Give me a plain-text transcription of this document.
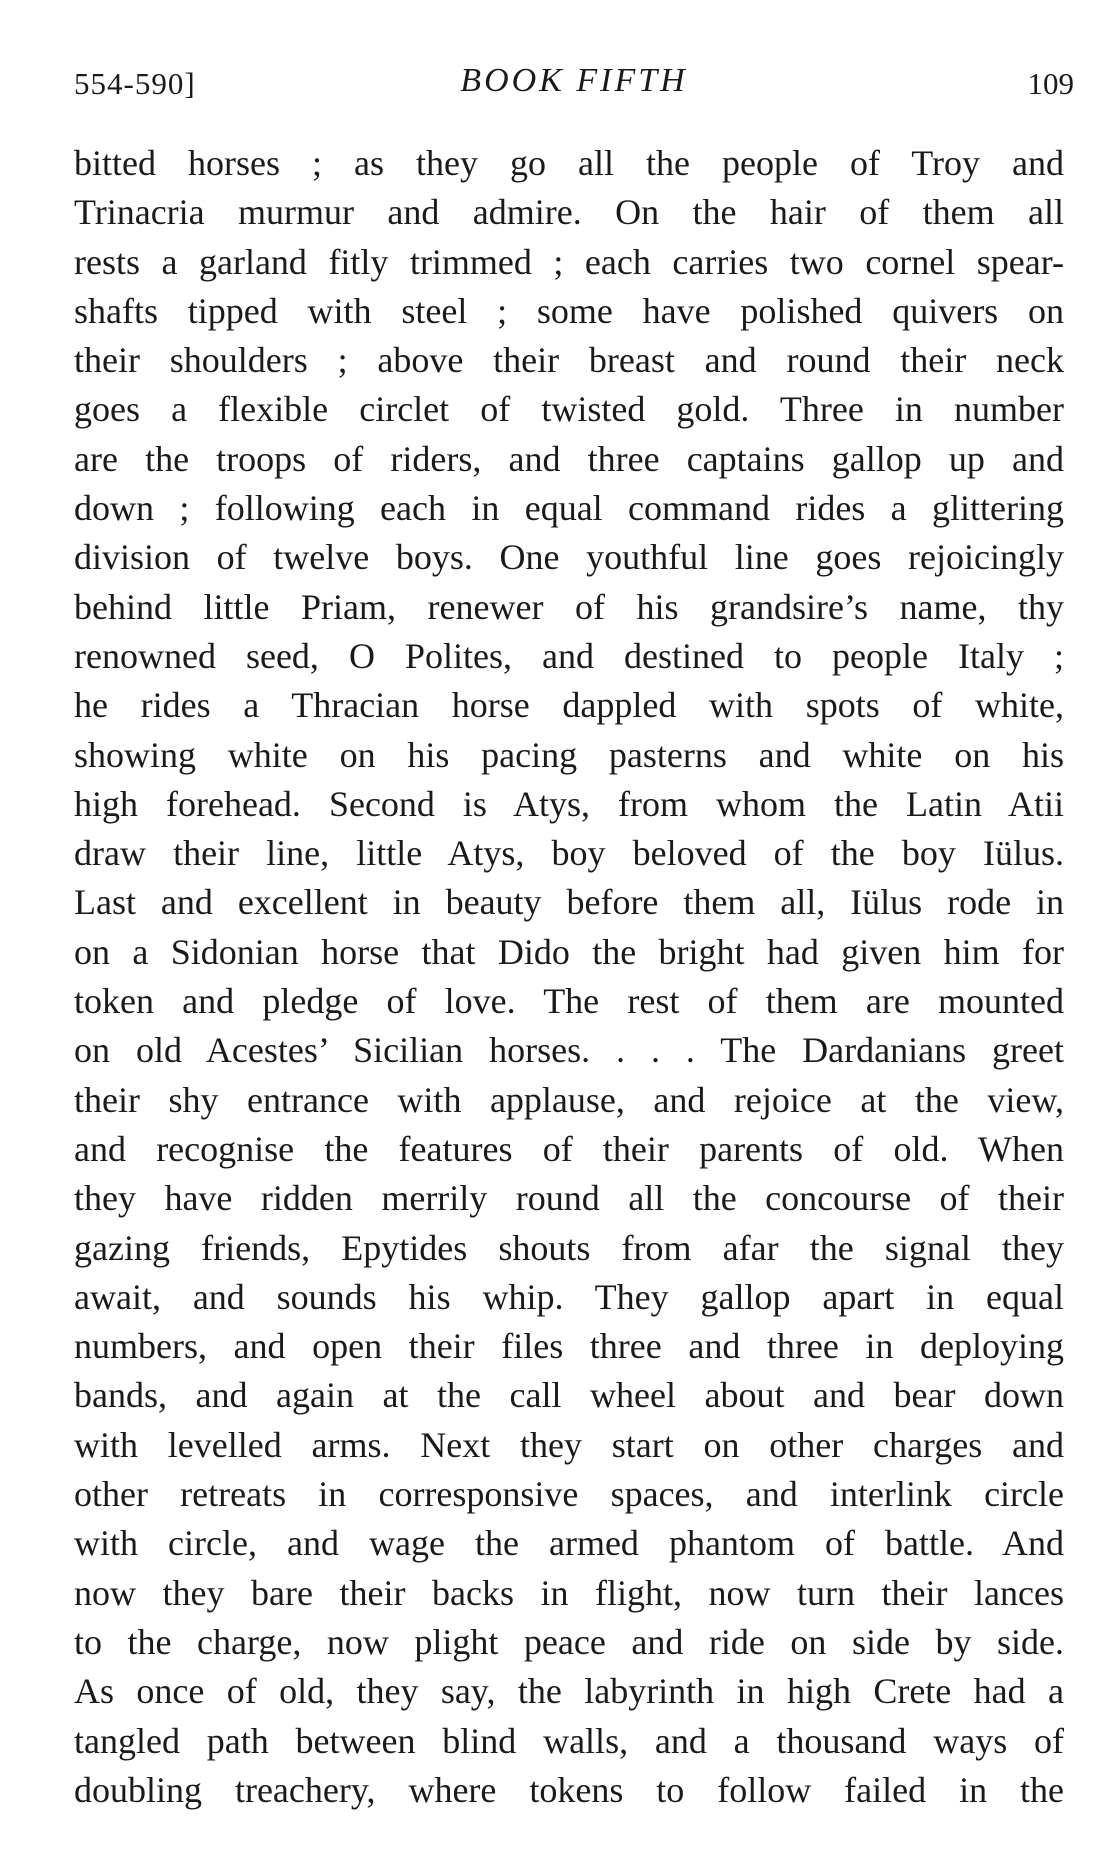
554-590]	BOOK FIFTH	109
bitted horses ; as they go all the people of Troy and
Trinacria murmur and admire. On the hair of them all
rests a garland fitly trimmed ; each carries two cornel spear-
shafts tipped with steel ; some have polished quivers on
their shoulders ; above their breast and round their neck
goes a flexible circlet of twisted gold. Three in number
are the troops of riders, and three captains gallop up and
down ; following each in equal command rides a glittering
division of twelve boys. One youthful line goes rejoicingly
behind little Priam, renewer of his grandsire’s name, thy
renowned seed, O Polites, and destined to people Italy ;
he rides a Thracian horse dappled with spots of white,
showing white on his pacing pasterns and white on his
high forehead. Second is Atys, from whom the Latin Atii
draw their line, little Atys, boy beloved of the boy Iülus.
Last and excellent in beauty before them all, Iülus rode in
on a Sidonian horse that Dido the bright had given him for
token and pledge of love. The rest of them are mounted
on old Acestes’ Sicilian horses. . . . The Dardanians greet
their shy entrance with applause, and rejoice at the view,
and recognise the features of their parents of old. When
they have ridden merrily round all the concourse of their
gazing friends, Epytides shouts from afar the signal they
await, and sounds his whip. They gallop apart in equal
numbers, and open their files three and three in deploying
bands, and again at the call wheel about and bear down
with levelled arms. Next they start on other charges and
other retreats in corresponsive spaces, and interlink circle
with circle, and wage the armed phantom of battle. And
now they bare their backs in flight, now turn their lances
to the charge, now plight peace and ride on side by side.
As once of old, they say, the labyrinth in high Crete had a
tangled path between blind walls, and a thousand ways of
doubling treachery, where tokens to follow failed in the
